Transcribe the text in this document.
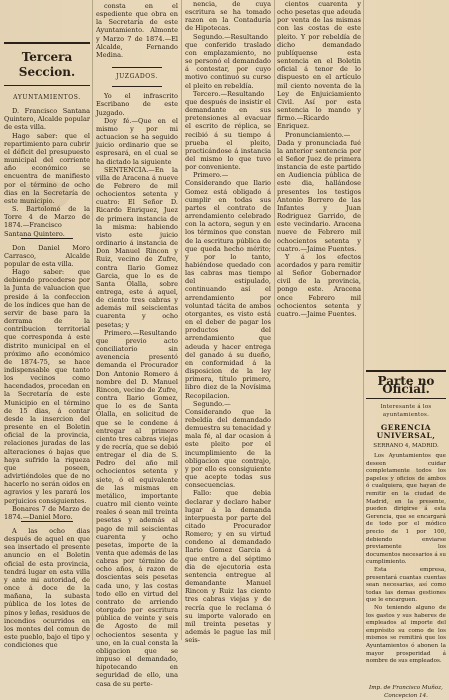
Tercera Seccion.
AYUNTAMIENTOS.
D. Francisco Santana Quintero, Alcalde popular de esta villa.
Hago saber: que el repartimiento para cubrir el déficit del presupuesto municipal del corriente año económico se encuentra de manifiesto por el término de ocho dias en la Secretaría de este municipio.
S. Bartolomé de la Torre 4 de Marzo de 1874.—Francisco Santana Quintero.
Don Daniel Moro Carrasco, Alcalde popular de esta villa.
Hago saber: que debiendo procederse por la Junta de valuacion que preside á la confeccion de los índices que han de servir de base para la derrama de la contribucion territorial que corresponda á este distrito municipal en el próximo año económico de 1874-75, se hace indispensable que tanto los vecinos como hacendados, procedan en la Secretaría de este Municipio en el término de 15 dias, á contar desde la insercion del presente en el Boletin oficial de la provincia, relaciones juradas de las alteraciones ó bajas que haya sufrido la riqueza que poseen, advirtiéndoles que de no hacerlo no serán oidos en agravios y les parará los perjuicios consiguientes.
Bonares 7 de Marzo de 1874.—Daniel Moro.
A las ocho dias después de aquel en que sea insertado el presente anuncio en el Boletin oficial de esta provincia, tendrá lugar en esta villa y ante mi autoridad, de once á doce de la mañana, la subasta pública de los lotes de pinos y leñas, residuos de incendios ocurridos en los montes del comun de este pueblo, bajo el tipo y condiciones que
consta en el espediente que obra en la Secretaría de este Ayuntamiento. Almonte y Marzo 7 de 1874.—El Alcalde, Fernando Medina.
JUZGADOS.
Yo el infrascrito Escribano de este Juzgado.
Doy fé.—Que en el mismo y por mi actuacion se ha seguido juicio ordinario que se espresará, en el cual se ha dictado la siguiente
SENTENCIA.—En la villa de Aracena á nueve de Febrero de mil ochocientos setenta y cuatro: El Señor D. Ricardo Enriquez, Juez de primera instancia de la misma: habiendo visto este juicio ordinario á instancia de Don Manuel Rincon y Ruiz, vecino de Zufre, contra Ilario Gomez Garcia, que lo es de Santa Olalla, sobre entrega, este á aquel, de ciento tres cabras y además mil seiscientas cuarenta y ocho pesetas; y
Primero.—Resultando que previo acto conciliatorio sin avenencia presentó demanda el Procurador Don Antonio Romero á nombre del D. Manuel Rincon, vecino de Zufre, contra Ilario Gomez, que lo es de Santa Olalla, en solicitud de que se le condene á entregar al primero ciento tres cabras viejas y de recría, que se debió entregar el dia de S. Pedro del año mil ochocientos setenta y siete, ó el equivalente de las mismas en metálico, importante cuatro mil ciento veinte reales ó sean mil treinta pesetas y además al pago de mil seiscientas cuarenta y ocho pesetas, importe de la venta que además de las cabras por término de ocho años, á razon de doscientas seis pesetas cada uno, y las costas todo ello en virtud del contrato de arriendo otorgado por escritura pública de veinte y seis de Agosto de mil ochocientos sesenta y uno, en la cual consta la obligacion que se impuso el demandado, hipotecando en seguridad de ello, una casa de su perte-
nencia, de cuya escritura se ha tomado razon en la Contaduría de Hipotecas.
Segundo.—Resultando que conferido traslado con emplazamiento, no se personó el demandado á contestar, por cuyo motivo continuó su curso el pleito en rebeldía.
Tercero.—Resultando que después de insistir el demandante en sus pretensiones al evacuar el escrito de réplica, se recibió á su tiempo á prueba el pleito, practicándose á instancia del mismo lo que tuvo por conveniente.
Primero.—Considerando que Ilario Gomez está obligado á cumplir en todas sus partes el contrato de arrendamiento celebrado con la actora, segun y en los términos que constan de la escritura pública de que queda hecho mérito; y por lo tanto, habiéndose quedado con las cabras mas tiempo del estipulado, continuando así el arrendamiento por voluntad tácita de ambos otorgantes, es visto está en el deber de pagar los productos del arrendamiento que adeuda y hacer entrega del ganado á su dueño, en conformidad á la disposicion de la ley primera, título primero, libro diez de la Novísima Recopilacion.
Segundo.—Considerando que la rebeldía del demandado demuestra su tenacidad y mala fé, al dar ocasion á este pleito por el incumplimiento de la obligacion que contrajo, y por ello es consiguiente que acepte todas sus consecuencias.
Fallo: que debia declarar y declaro haber lugar á la demanda interpuesta por parte del citado Procurador Romero; y en su virtud condeno al demandado Ilario Gomez Garcia á que entre a del séptimo dia de ejecutoria esta sentencia entregue al demandante Manuel Rincon y Ruiz las ciento tres cabras viejas y de recría que le reclama ó su importe valorado en mil treinta pesetas y además le pague las mil seis-
cientos cuarenta y ocho pesetas que adeuda por venta de las mismas con las costas de este pleito. Y por rebeldía de dicho demandado publíquense esta sentencia en el Boletin oficial á tenor de lo dispuesto en el artículo mil ciento noventa de la Ley de Enjuiciamiento Civil. Así por esta sentencia lo mando y firmo.—Ricardo Enriquez.
Pronunciamiento.—Dada y pronunciada fué la anterior sentencia por el Señor Juez de primera instancia de este partido en Audiencia pública de este dia, hallándose presentes los testigos Antonio Borrero de las Infantes y Juan Rodriguez Garrido, de este vecindario. Aracena nueve de Febrero mil ochocientos setenta y cuatro.—Jaime Fuentes.
Y á los efectos acordados y para remitir al Señor Gobernador civil de la provincia, pongo este. Aracena once Febrero mil ochocientos setenta y cuatro.—Jaime Fuentes.
Parte no Oficial.
Interesante á los ayuntamientos.
GERENCIA UNIVERSAL,
SERRANO 4, MADRID.
Los Ayuntamientos que deseen cuidar completamente todos los papeles y oficios de ambos ó cualquiera, que hayan de remitir en la ciudad de Madrid, en la presente, pueden dirigirse á esta Gerencia, que se encargará de todo por el módico precio de 1 por 100, debiendo enviarse previamente los documentos necesarios á su cumplimiento.
Esta empresa, presentará cuantas cuentas sean necesarias, así como todas las demas gestiones que le encarguen.
No teniendo alguno de los gastos y sus haberes de empleados al importe del emprésito su como de los mismos se remitirá que los Ayuntamientos ó abonen la mayor prosperidad á nombre de sus empleados.
Imp. de Francisco Muñoz, Concepcion 14.
